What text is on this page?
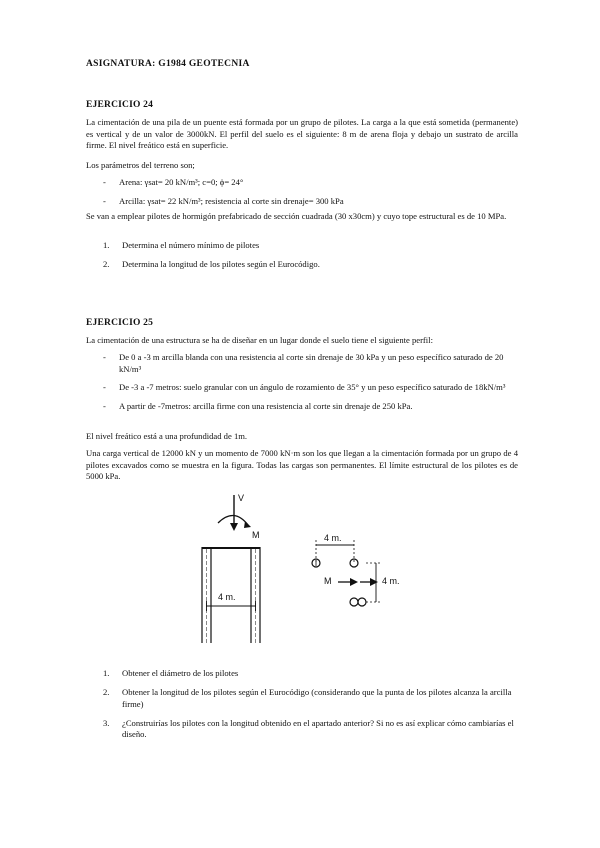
ASIGNATURA: G1984 GEOTECNIA
EJERCICIO 24
La cimentación de una pila de un puente está formada por un grupo de pilotes. La carga a la que está sometida (permanente) es vertical y de un valor de 3000kN. El perfil del suelo es el siguiente: 8 m de arena floja y debajo un sustrato de arcilla firme. El nivel freático está en superficie.
Los parámetros del terreno son;
- Arena: γsat= 20 kN/m³; c=0; ϕ= 24°
- Arcilla: γsat= 22 kN/m³; resistencia al corte sin drenaje= 300 kPa
Se van a emplear pilotes de hormigón prefabricado de sección cuadrada (30 x30cm) y cuyo tope estructural es de 10 MPa.
1. Determina el número mínimo de pilotes
2. Determina la longitud de los pilotes según el Eurocódigo.
EJERCICIO 25
La cimentación de una estructura se ha de diseñar en un lugar donde el suelo tiene el siguiente perfil:
- De 0 a -3 m arcilla blanda con una resistencia al corte sin drenaje de 30 kPa y un peso específico saturado de 20 kN/m³
- De -3 a -7 metros: suelo granular con un ángulo de rozamiento de 35° y un peso específico saturado de 18kN/m³
- A partir de -7metros: arcilla firme con una resistencia al corte sin drenaje de 250 kPa.
El nivel freático está a una profundidad de 1m.
Una carga vertical de 12000 kN y un momento de 7000 kN·m son los que llegan a la cimentación formada por un grupo de 4 pilotes excavados como se muestra en la figura. Todas las cargas son permanentes. El límite estructural de los pilotes es de 5000 kPa.
V
M
4 m.
4 m.
M	4 m.
1. Obtener el diámetro de los pilotes
2. Obtener la longitud de los pilotes según el Eurocódigo (considerando que la punta de los pilotes alcanza la arcilla firme)
3. ¿Construirías los pilotes con la longitud obtenido en el apartado anterior? Si no es así explicar cómo cambiarías el diseño.
